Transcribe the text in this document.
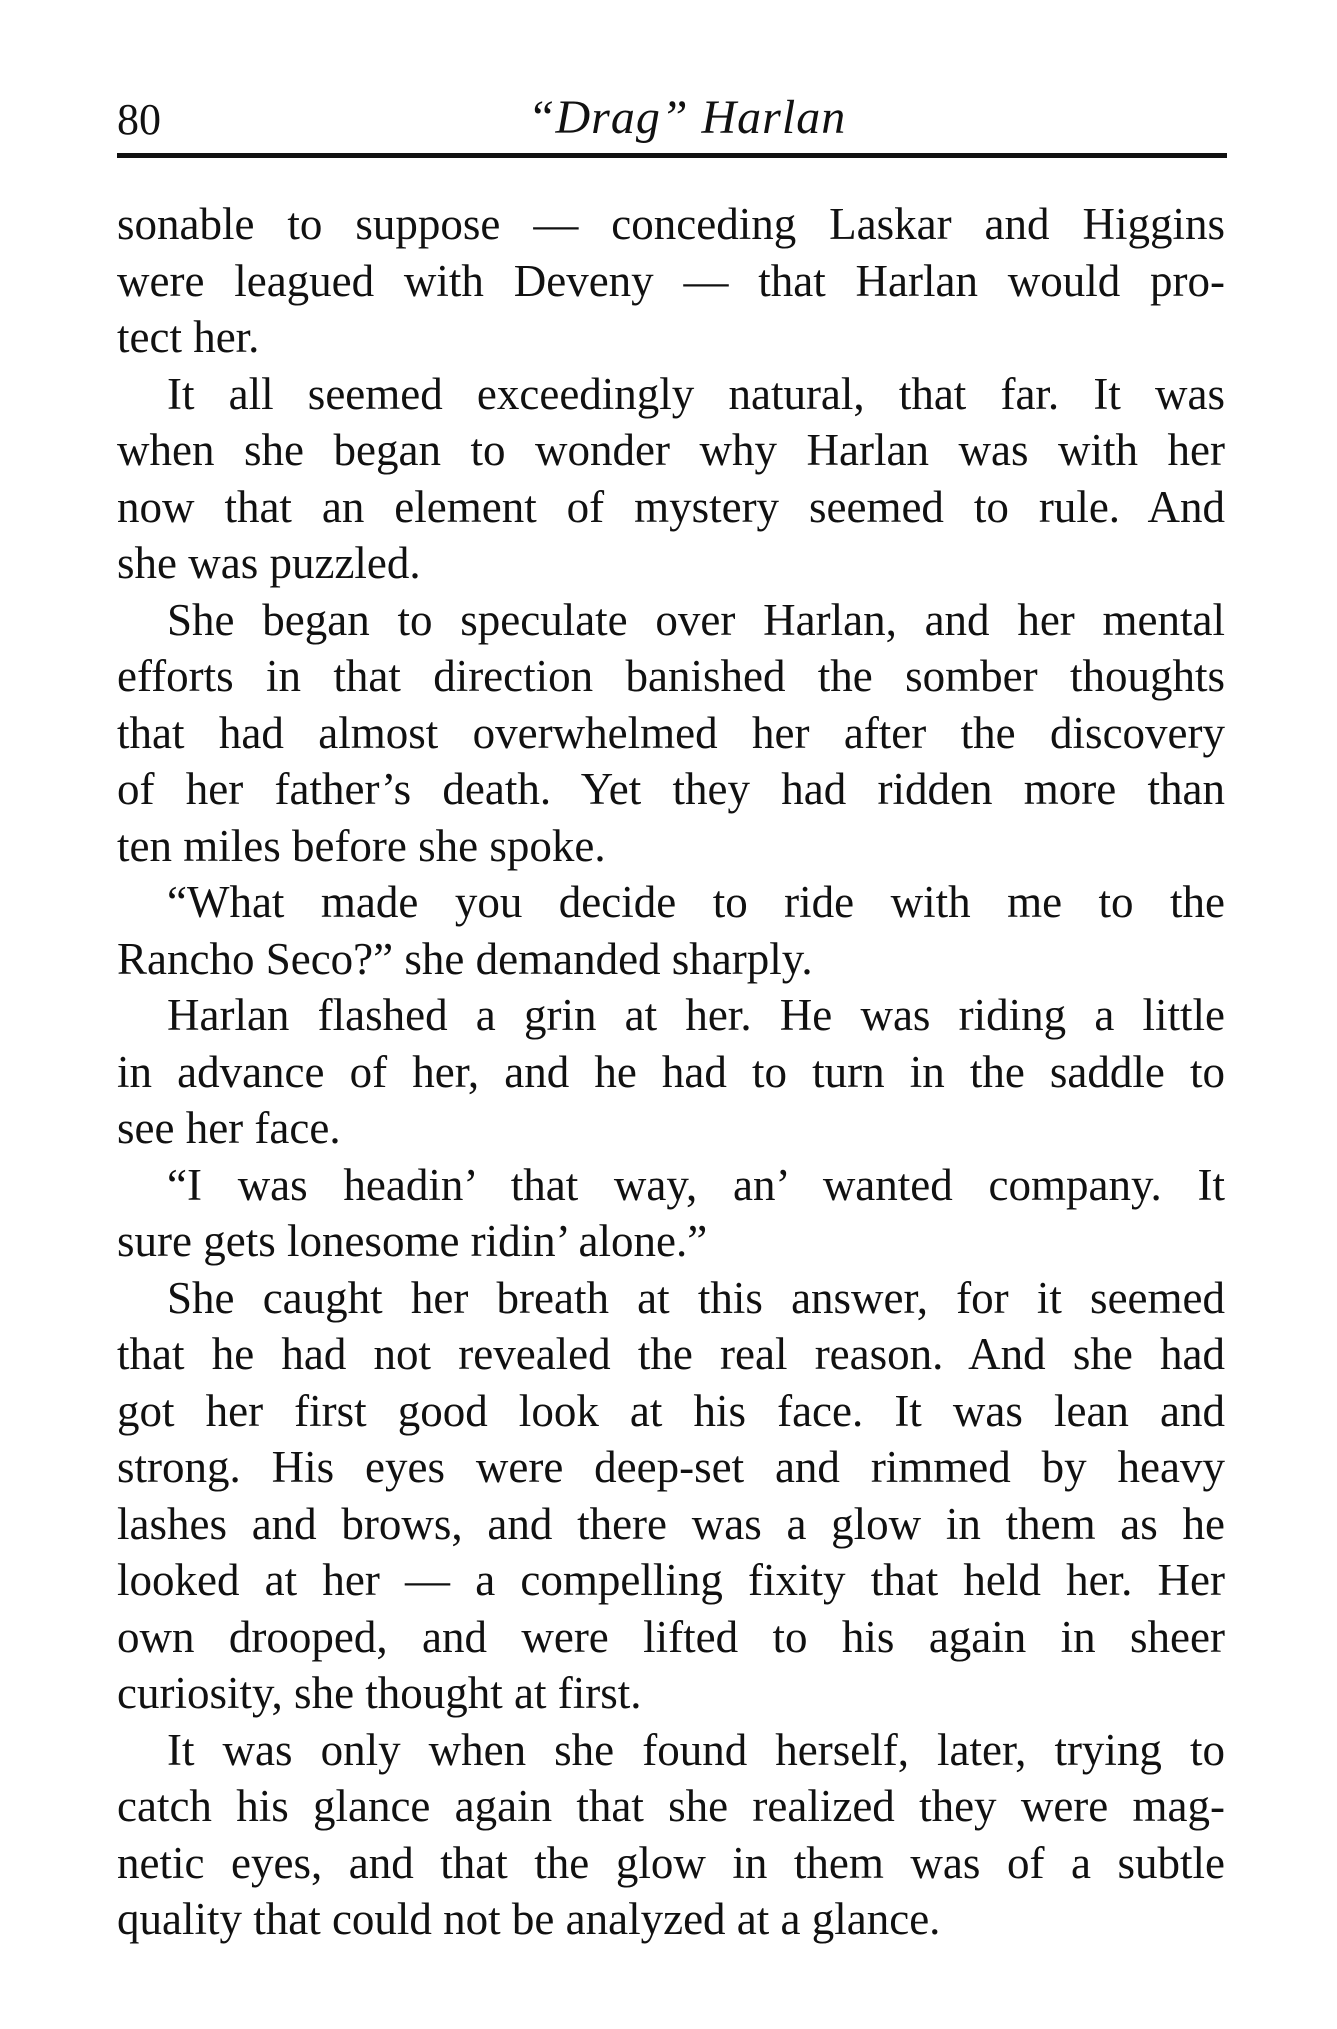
80	“Drag” Harlan

sonable to suppose — conceding Laskar and Higgins
were leagued with Deveny — that Harlan would pro-
tect her.

It all seemed exceedingly natural, that far. It was
when she began to wonder why Harlan was with her
now that an element of mystery seemed to rule. And
she was puzzled.

She began to speculate over Harlan, and her mental
efforts in that direction banished the somber thoughts
that had almost overwhelmed her after the discovery
of her father’s death. Yet they had ridden more than
ten miles before she spoke.

“What made you decide to ride with me to the
Rancho Seco?” she demanded sharply.

Harlan flashed a grin at her. He was riding a little
in advance of her, and he had to turn in the saddle to
see her face.

“I was headin’ that way, an’ wanted company. It
sure gets lonesome ridin’ alone.”

She caught her breath at this answer, for it seemed
that he had not revealed the real reason. And she had
got her first good look at his face. It was lean and
strong. His eyes were deep-set and rimmed by heavy
lashes and brows, and there was a glow in them as he
looked at her — a compelling fixity that held her. Her
own drooped, and were lifted to his again in sheer
curiosity, she thought at first.

It was only when she found herself, later, trying to
catch his glance again that she realized they were mag-
netic eyes, and that the glow in them was of a subtle
quality that could not be analyzed at a glance.
